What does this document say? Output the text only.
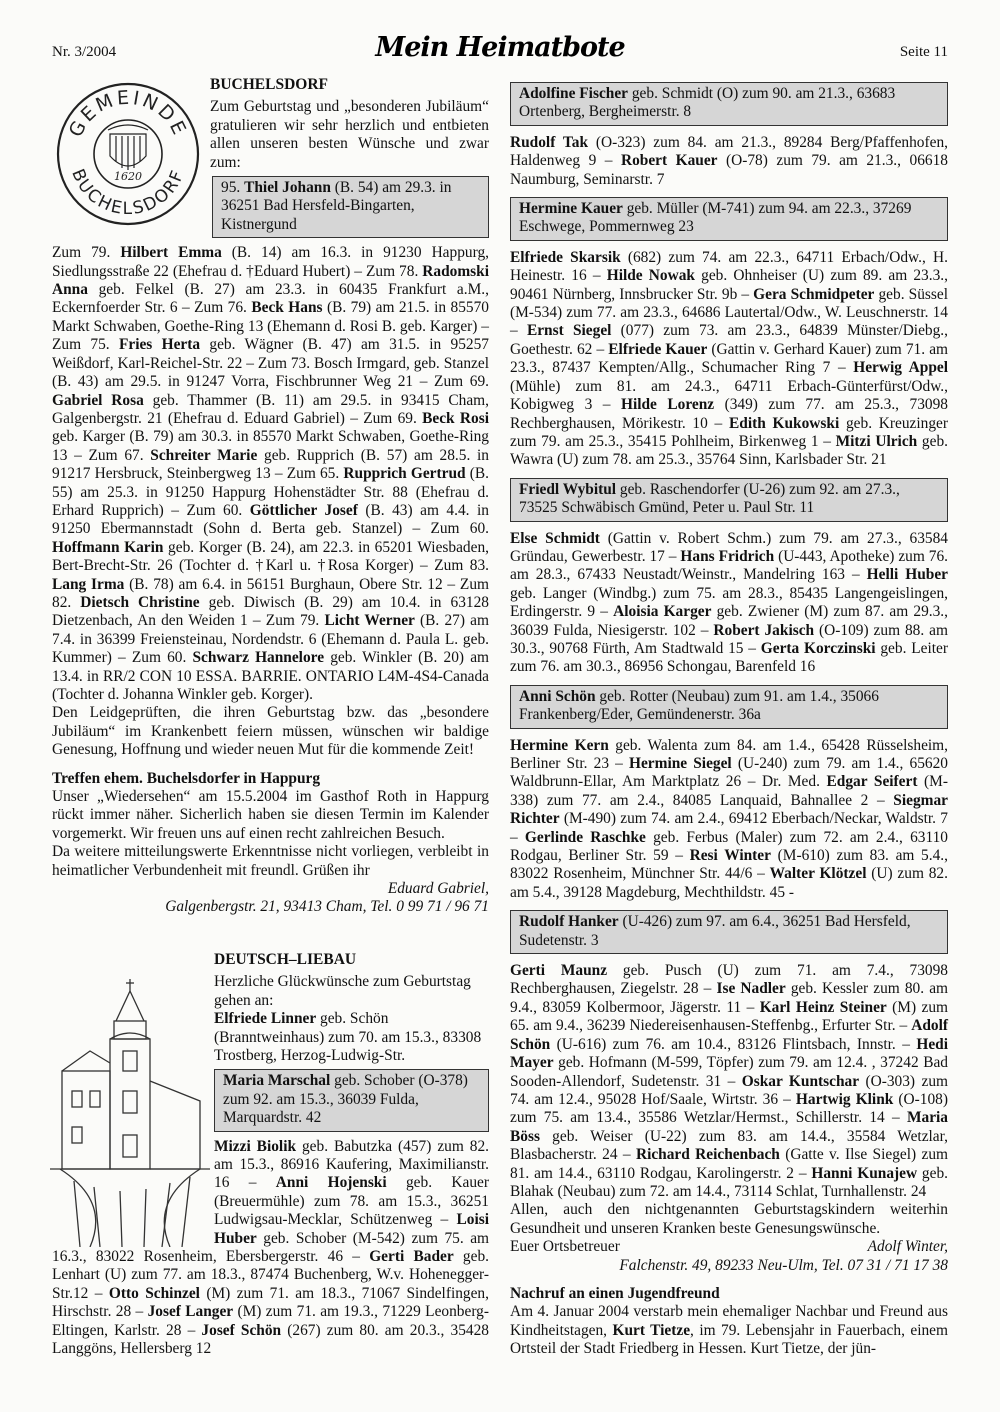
Nr. 3/2004	Mein Heimatbote	Seite 11
GEMEINDE
BUCHELSDORF
1620
BUCHELSDORF

Zum Geburtstag und „besonderen Jubiläum“ gratulieren wir sehr herzlich und entbieten allen unseren besten Wünsche und zwar zum:

95. Thiel Johann (B. 54) am 29.3. in 36251 Bad Hersfeld-Bingarten, Kistnergund

Zum 79. Hilbert Emma (B. 14) am 16.3. in 91230 Happurg, Siedlungsstraße 22 (Ehefrau d. †Eduard Hubert) – Zum 78. Radomski Anna geb. Felkel (B. 27) am 23.3. in 60435 Frankfurt a.M., Eckernfoerder Str. 6 – Zum 76. Beck Hans (B. 79) am 21.5. in 85570 Markt Schwaben, Goethe-Ring 13 (Ehemann d. Rosi B. geb. Karger) – Zum 75. Fries Herta geb. Wägner (B. 47) am 31.5. in 95257 Weißdorf, Karl-Reichel-Str. 22 – Zum 73. Bosch Irmgard, geb. Stanzel (B. 43) am 29.5. in 91247 Vorra, Fischbrunner Weg 21 – Zum 69. Gabriel Rosa geb. Thammer (B. 11) am 29.5. in 93415 Cham, Galgenbergstr. 21 (Ehefrau d. Eduard Gabriel) – Zum 69. Beck Rosi geb. Karger (B. 79) am 30.3. in 85570 Markt Schwaben, Goethe-Ring 13 – Zum 67. Schreiter Marie geb. Rupprich (B. 57) am 28.5. in 91217 Hersbruck, Steinbergweg 13 – Zum 65. Rupprich Gertrud (B. 55) am 25.3. in 91250 Happurg Hohenstädter Str. 88 (Ehefrau d. Erhard Rupprich) – Zum 60. Göttlicher Josef (B. 43) am 4.4. in 91250 Ebermannstadt (Sohn d. Berta geb. Stanzel) – Zum 60. Hoffmann Karin geb. Korger (B. 24), am 22.3. in 65201 Wiesbaden, Bert-Brecht-Str. 26 (Tochter d. †Karl u. †Rosa Korger) – Zum 83. Lang Irma (B. 78) am 6.4. in 56151 Burghaun, Obere Str. 12 – Zum 82. Dietsch Christine geb. Diwisch (B. 29) am 10.4. in 63128 Dietzenbach, An den Weiden 1 – Zum 79. Licht Werner (B. 27) am 7.4. in 36399 Freiensteinau, Nordendstr. 6 (Ehemann d. Paula L. geb. Kummer) – Zum 60. Schwarz Hannelore geb. Winkler (B. 20) am 13.4. in RR/2 CON 10 ESSA. BARRIE. ONTARIO L4M-4S4-Canada (Tochter d. Johanna Winkler geb. Korger).

Den Leidgeprüften, die ihren Geburtstag bzw. das „besondere Jubiläum“ im Krankenbett feiern müssen, wünschen wir baldige Genesung, Hoffnung und wieder neuen Mut für die kommende Zeit!

Treffen ehem. Buchelsdorfer in Happurg

Unser „Wiedersehen“ am 15.5.2004 im Gasthof Roth in Happurg rückt immer näher. Sicherlich haben sie diesen Termin im Kalender vorgemerkt. Wir freuen uns auf einen recht zahlreichen Besuch.

Da weitere mitteilungswerte Erkenntnisse nicht vorliegen, verbleibt in heimatlicher Verbundenheit mit freundl. Grüßen ihr

Eduard Gabriel,

Galgenbergstr. 21, 93413 Cham, Tel. 0 99 71 / 96 71

DEUTSCH–LIEBAU

Herzliche Glückwünsche zum Geburtstag gehen an:

Elfriede Linner geb. Schön (Branntweinhaus) zum 70. am 15.3., 83308 Trostberg, Herzog-Ludwig-Str.

Maria Marschal geb. Schober (O-378) zum 92. am 15.3., 36039 Fulda, Marquardstr. 42

Mizzi Biolik geb. Babutzka (457) zum 82. am 15.3., 86916 Kaufering, Maximilianstr. 16 – Anni Hojenski geb. Kauer (Breuermühle) zum 78. am 15.3., 36251 Ludwigsau-Mecklar, Schützenweg – Loisi Huber geb. Schober (M-542) zum 75. am 16.3., 83022 Rosenheim, Ebersbergerstr. 46 – Gerti Bader geb. Lenhart (U) zum 77. am 18.3., 87474 Buchenberg, W.v. Hohenegger-Str.12 – Otto Schinzel (M) zum 71. am 18.3., 71067 Sindelfingen, Hirschstr. 28 – Josef Langer (M) zum 71. am 19.3., 71229 Leonberg-Eltingen, Karlstr. 28 – Josef Schön (267) zum 80. am 20.3., 35428 Langgöns, Hellersberg 12

Adolfine Fischer geb. Schmidt (O) zum 90. am 21.3., 63683 Ortenberg, Bergheimerstr. 8

Rudolf Tak (O-323) zum 84. am 21.3., 89284 Berg/Pfaffenhofen, Haldenweg 9 – Robert Kauer (O-78) zum 79. am 21.3., 06618 Naumburg, Seminarstr. 7

Hermine Kauer geb. Müller (M-741) zum 94. am 22.3., 37269 Eschwege, Pommernweg 23

Elfriede Skarsik (682) zum 74. am 22.3., 64711 Erbach/Odw., H. Heinestr. 16 – Hilde Nowak geb. Ohnheiser (U) zum 89. am 23.3., 90461 Nürnberg, Innsbrucker Str. 9b – Gera Schmidpeter geb. Süssel (M-534) zum 77. am 23.3., 64686 Lautertal/Odw., W. Leuschnerstr. 14 – Ernst Siegel (077) zum 73. am 23.3., 64839 Münster/Diebg., Goethestr. 62 – Elfriede Kauer (Gattin v. Gerhard Kauer) zum 71. am 23.3., 87437 Kempten/Allg., Schumacher Ring 7 – Herwig Appel (Mühle) zum 81. am 24.3., 64711 Erbach-Günterfürst/Odw., Kobigweg 3 – Hilde Lorenz (349) zum 77. am 25.3., 73098 Rechberghausen, Mörikestr. 10 – Edith Kukowski geb. Kreuzinger zum 79. am 25.3., 35415 Pohlheim, Birkenweg 1 – Mitzi Ulrich geb. Wawra (U) zum 78. am 25.3., 35764 Sinn, Karlsbader Str. 21

Friedl Wybitul geb. Raschendorfer (U-26) zum 92. am 27.3., 73525 Schwäbisch Gmünd, Peter u. Paul Str. 11

Else Schmidt (Gattin v. Robert Schm.) zum 79. am 27.3., 63584 Gründau, Gewerbestr. 17 – Hans Fridrich (U-443, Apotheke) zum 76. am 28.3., 67433 Neustadt/Weinstr., Mandelring 163 – Helli Huber geb. Langer (Windbg.) zum 75. am 28.3., 85435 Langengeislingen, Erdingerstr. 9 – Aloisia Karger geb. Zwiener (M) zum 87. am 29.3., 36039 Fulda, Niesigerstr. 102 – Robert Jakisch (O-109) zum 88. am 30.3., 90768 Fürth, Am Stadtwald 15 – Gerta Korczinski geb. Leiter zum 76. am 30.3., 86956 Schongau, Barenfeld 16

Anni Schön geb. Rotter (Neubau) zum 91. am 1.4., 35066 Frankenberg/Eder, Gemündenerstr. 36a

Hermine Kern geb. Walenta zum 84. am 1.4., 65428 Rüsselsheim, Berliner Str. 23 – Hermine Siegel (U-240) zum 79. am 1.4., 65620 Waldbrunn-Ellar, Am Marktplatz 26 – Dr. Med. Edgar Seifert (M-338) zum 77. am 2.4., 84085 Lanquaid, Bahnallee 2 – Siegmar Richter (M-490) zum 74. am 2.4., 69412 Eberbach/Neckar, Waldstr. 7 – Gerlinde Raschke geb. Ferbus (Maler) zum 72. am 2.4., 63110 Rodgau, Berliner Str. 59 – Resi Winter (M-610) zum 83. am 5.4., 83022 Rosenheim, Münchner Str. 44/6 – Walter Klötzel (U) zum 82. am 5.4., 39128 Magdeburg, Mechthildstr. 45 -

Rudolf Hanker (U-426) zum 97. am 6.4., 36251 Bad Hersfeld, Sudetenstr. 3

Gerti Maunz geb. Pusch (U) zum 71. am 7.4., 73098 Rechberghausen, Ziegelstr. 28 – Ise Nadler geb. Kessler zum 80. am 9.4., 83059 Kolbermoor, Jägerstr. 11 – Karl Heinz Steiner (M) zum 65. am 9.4., 36239 Niedereisenhausen-Steffenbg., Erfurter Str. – Adolf Schön (U-616) zum 76. am 10.4., 83126 Flintsbach, Innstr. – Hedi Mayer geb. Hofmann (M-599, Töpfer) zum 79. am 12.4. , 37242 Bad Sooden-Allendorf, Sudetenstr. 31 – Oskar Kuntschar (O-303) zum 74. am 12.4., 95028 Hof/Saale, Wirtstr. 36 – Hartwig Klink (O-108) zum 75. am 13.4., 35586 Wetzlar/Hermst., Schillerstr. 14 – Maria Böss geb. Weiser (U-22) zum 83. am 14.4., 35584 Wetzlar, Blasbacherstr. 24 – Richard Reichenbach (Gatte v. Ilse Siegel) zum 81. am 14.4., 63110 Rodgau, Karolingerstr. 2 – Hanni Kunajew geb. Blahak (Neubau) zum 72. am 14.4., 73114 Schlat, Turnhallenstr. 24

Allen, auch den nichtgenannten Geburtstagskindern weiterhin Gesundheit und unseren Kranken beste Genesungswünsche.

Euer Ortsbetreuer	Adolf Winter,

Falchenstr. 49, 89233 Neu-Ulm, Tel. 07 31 / 71 17 38

Nachruf an einen Jugendfreund

Am 4. Januar 2004 verstarb mein ehemaliger Nachbar und Freund aus Kindheitstagen, Kurt Tietze, im 79. Lebensjahr in Fauerbach, einem Ortsteil der Stadt Friedberg in Hessen. Kurt Tietze, der jün-
